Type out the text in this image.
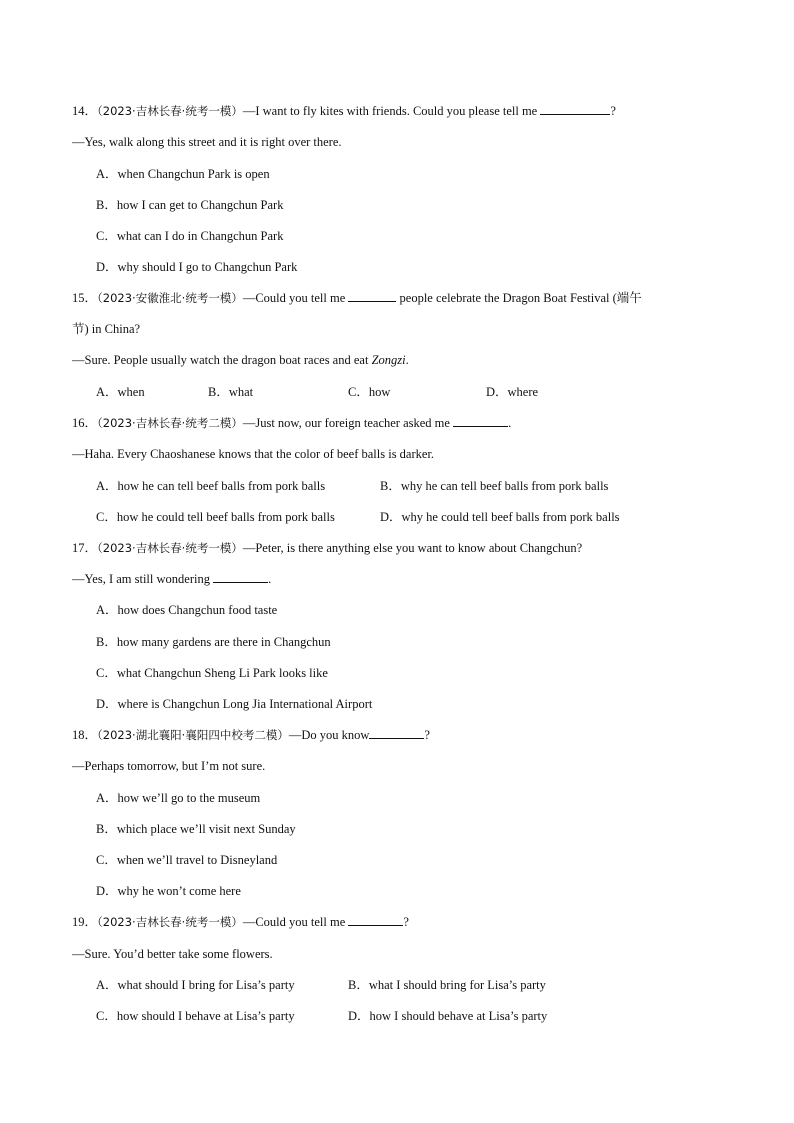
14．（2023·吉林长春·统考一模）—I want to fly kites with friends. Could you please tell me	?
—Yes, walk along this street and it is right over there.
A．when Changchun Park is open
B．how I can get to Changchun Park
C．what can I do in Changchun Park
D．why should I go to Changchun Park
15．（2023·安徽淮北·统考一模）—Could you tell me	people celebrate the Dragon Boat Festival (端午
节) in China?
—Sure. People usually watch the dragon boat races and eat Zongzi.
A．when	B．what	C．how	D．where
16．（2023·吉林长春·统考二模）—Just now, our foreign teacher asked me	.
—Haha. Every Chaoshanese knows that the color of beef balls is darker.
A．how he can tell beef balls from pork balls	B．why he can tell beef balls from pork balls
C．how he could tell beef balls from pork balls	D．why he could tell beef balls from pork balls
17．（2023·吉林长春·统考一模）—Peter, is there anything else you want to know about Changchun?
—Yes, I am still wondering	.
A．how does Changchun food taste
B．how many gardens are there in Changchun
C．what Changchun Sheng Li Park looks like
D．where is Changchun Long Jia International Airport
18．（2023·湖北襄阳·襄阳四中校考二模）—Do you know	?
—Perhaps tomorrow, but I’m not sure.
A．how we’ll go to the museum
B．which place we’ll visit next Sunday
C．when we’ll travel to Disneyland
D．why he won’t come here
19．（2023·吉林长春·统考一模）—Could you tell me	?
—Sure. You’d better take some flowers.
A．what should I bring for Lisa’s party	B．what I should bring for Lisa’s party
C．how should I behave at Lisa’s party	D．how I should behave at Lisa’s party
